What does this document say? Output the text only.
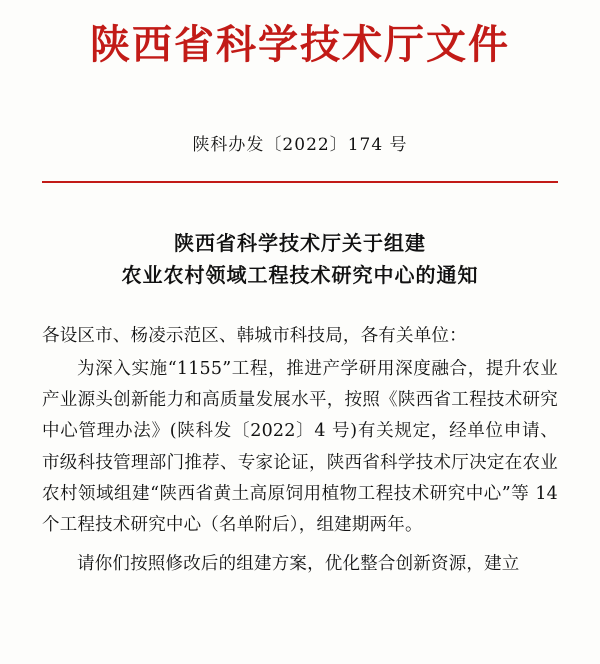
陕西省科学技术厅文件
陕科办发〔2022〕174 号
陕西省科学技术厅关于组建
农业农村领域工程技术研究中心的通知

各设区市、杨凌示范区、韩城市科技局，各有关单位：

为深入实施“1155”工程，推进产学研用深度融合，提升农业产业源头创新能力和高质量发展水平，按照《陕西省工程技术研究中心管理办法》(陕科发〔2022〕4 号)有关规定，经单位申请、市级科技管理部门推荐、专家论证，陕西省科学技术厅决定在农业农村领域组建“陕西省黄土高原饲用植物工程技术研究中心”等 14 个工程技术研究中心（名单附后），组建期两年。

请你们按照修改后的组建方案，优化整合创新资源，建立
